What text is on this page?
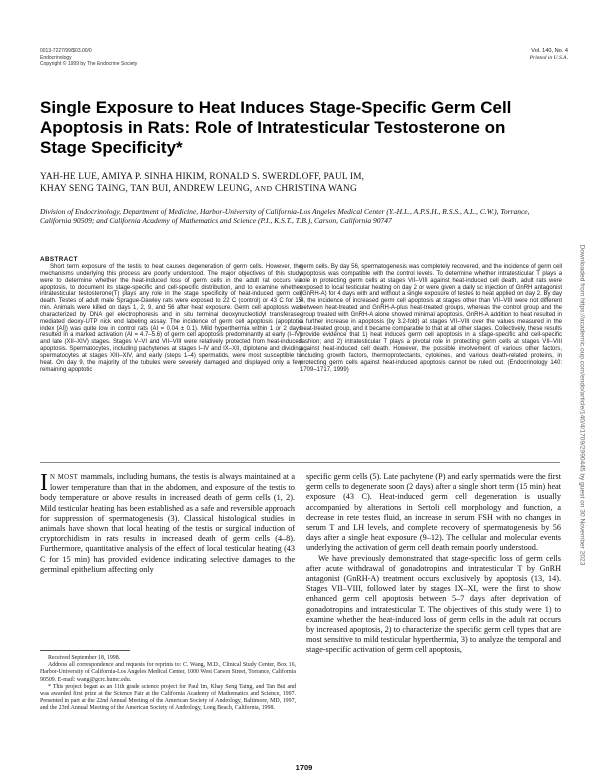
0013-7227/99/$03.00/0
Endocrinology
Copyright © 1999 by The Endocrine Society
Vol. 140, No. 4
Printed in U.S.A.
Single Exposure to Heat Induces Stage-Specific Germ Cell Apoptosis in Rats: Role of Intratesticular Testosterone on Stage Specificity*
YAH-HE LUE, AMIYA P. SINHA HIKIM, RONALD S. SWERDLOFF, PAUL IM,
KHAY SENG TAING, TAN BUI, ANDREW LEUNG, AND CHRISTINA WANG

Division of Endocrinology, Department of Medicine, Harbor-University of California-Los Angeles Medical Center (Y.-H.L., A.P.S.H., R.S.S., A.L., C.W.), Torrance, California 90509; and California Academy of Mathematics and Science (P.I., K.S.T., T.B.), Carson, California 90747

ABSTRACT

Short term exposure of the testis to heat causes degeneration of germ cells. However, the mechanisms underlying this process are poorly understood. The major objectives of this study were to determine whether the heat-induced loss of germ cells in the adult rat occurs via apoptosis, to document its stage-specific and cell-specific distribution, and to examine whether intratesticular testosterone(T) plays any role in the stage specificity of heat-induced germ cell death. Testes of adult male Sprague-Dawley rats were exposed to 22 C (control) or 43 C for 15 min. Animals were killed on days 1, 2, 9, and 56 after heat exposure. Germ cell apoptosis was characterized by DNA gel electrophoresis and in situ terminal deoxynucleotidyl transferase-mediated deoxy-UTP nick end labeling assay. The incidence of germ cell apoptosis (apoptotic index [AI]) was quite low in control rats (AI = 0.04 ± 0.1). Mild hyperthermia within 1 or 2 days resulted in a marked activation (AI = 4.7–5.6) of germ cell apoptosis predominantly at early (I–IV) and late (XII–XIV) stages. Stages V–VI and VII–VIII were relatively protected from heat-induced apoptosis. Spermatocytes, including pachytenes at stages I–IV and IX–XII, diplotene and dividing spermatocytes at stages XIII–XIV, and early (steps 1–4) spermatids, were most susceptible to heat. On day 9, the majority of the tubules were severely damaged and displayed only a few remaining apoptotic

germ cells. By day 56, spermatogenesis was completely recovered, and the incidence of germ cell apoptosis was compatible with the control levels. To determine whether intratesticular T plays a role in protecting germ cells at stages VII–VIII against heat-induced cell death, adult rats were exposed to local testicular heating on day 2 or were given a daily sc injection of GnRH antagonist (GnRH-A) for 4 days with and without a single exposure of testes to heat applied on day 2. By day 4, the incidence of increased germ cell apoptosis at stages other than VII–VIII were not different between heat-treated and GnRH-A-plus heat-treated groups, whereas the control group and the group treated with GnRH-A alone showed minimal apoptosis. GnRH-A addition to heat resulted in a further increase in apoptosis (by 3.2-fold) at stages VII–VIII over the values measured in the heat-treated group, and it became comparable to that at all other stages. Collectively, these results provide evidence that 1) heat induces germ cell apoptosis in a stage-specific and cell-specific fashion; and 2) intratesticular T plays a pivotal role in protecting germ cells at stages VII–VIII against heat-induced cell death. However, the possible involvement of various other factors, including growth factors, thermoprotectants, cytokines, and various death-related proteins, in protecting germ cells against heat-induced apoptosis cannot be ruled out. (Endocrinology 140: 1709–1717, 1999)

I N MOST mammals, including humans, the testis is always maintained at a lower temperature than that in the abdomen, and exposure of the testis to body temperature or above results in increased death of germ cells (1, 2). Mild testicular heating has been established as a safe and reversible approach for suppression of spermatogenesis (3). Classical histological studies in animals have shown that local heating of the testis or surgical induction of cryptorchidism in rats results in increased death of germ cells (4–8). Furthermore, quantitative analysis of the effect of local testicular heating (43 C for 15 min) has provided evidence indicating selective damages to the germinal epithelium affecting only

specific germ cells (5). Late pachytene (P) and early spermatids were the first germ cells to degenerate soon (2 days) after a single short term (15 min) heat exposure (43 C). Heat-induced germ cell degeneration is usually accompanied by alterations in Sertoli cell morphology and function, a decrease in rete testes fluid, an increase in serum FSH with no changes in serum T and LH levels, and complete recovery of spermatogenesis by 56 days after a single heat exposure (9–12). The cellular and molecular events underlying the activation of germ cell death remain poorly understood.

We have previously demonstrated that stage-specific loss of germ cells after acute withdrawal of gonadotropins and intratesticular T by GnRH antagonist (GnRH-A) treatment occurs exclusively by apoptosis (13, 14). Stages VII–VIII, followed later by stages IX–XI, were the first to show enhanced germ cell apoptosis between 5–7 days after deprivation of gonadotropins and intratesticular T. The objectives of this study were 1) to examine whether the heat-induced loss of germ cells in the adult rat occurs by increased apoptosis, 2) to characterize the specific germ cell types that are most sensitive to mild testicular hyperthermia, 3) to analyze the temporal and stage-specific activation of germ cell apoptosis,

Received September 18, 1998.

Address all correspondence and requests for reprints to: C. Wang, M.D., Clinical Study Center, Box 16, Harbor-University of California-Los Angeles Medical Center, 1000 West Carson Street, Torrance, California 90509. E-mail: wang@gcrc.humc.edu.

* This project began as an 11th grade science project for Paul Im, Khay Seng Taing, and Tan Bui and was awarded first prize at the Science Fair at the California Academy of Mathematics and Science, 1997. Presented in part at the 22nd Annual Meeting of the American Society of Andrology, Baltimore, MD, 1997, and the 23rd Annual Meeting of the American Society of Andrology, Long Beach, California, 1998.

1709
Downloaded from https://academic.oup.com/endo/article/140/4/1709/2990445 by guest on 30 November 2023
